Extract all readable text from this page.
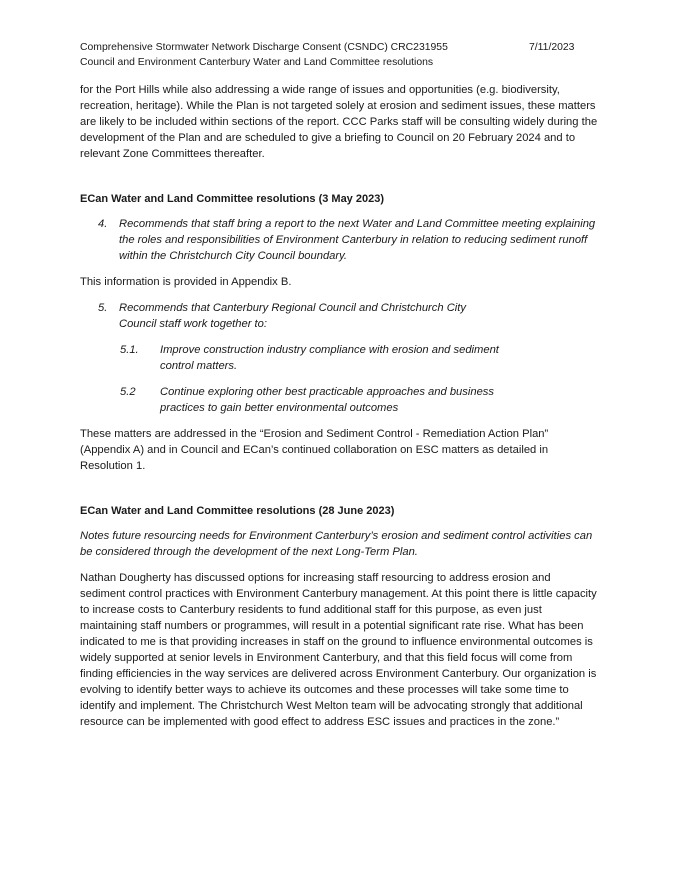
Comprehensive Stormwater Network Discharge Consent (CSNDC) CRC231955
Council and Environment Canterbury Water and Land Committee resolutions
7/11/2023

for the Port Hills while also addressing a wide range of issues and opportunities (e.g. biodiversity, recreation, heritage). While the Plan is not targeted solely at erosion and sediment issues, these matters are likely to be included within sections of the report. CCC Parks staff will be consulting widely during the development of the Plan and are scheduled to give a briefing to Council on 20 February 2024 and to relevant Zone Committees thereafter.

ECan Water and Land Committee resolutions (3 May 2023)

4.	Recommends that staff bring a report to the next Water and Land Committee meeting explaining the roles and responsibilities of Environment Canterbury in relation to reducing sediment runoff within the Christchurch City Council boundary.

This information is provided in Appendix B.

5.	Recommends that Canterbury Regional Council and Christchurch City Council staff work together to:
5.1.	Improve construction industry compliance with erosion and sediment control matters.
5.2	Continue exploring other best practicable approaches and business practices to gain better environmental outcomes

These matters are addressed in the “Erosion and Sediment Control - Remediation Action Plan” (Appendix A) and in Council and ECan’s continued collaboration on ESC matters as detailed in Resolution 1.

ECan Water and Land Committee resolutions (28 June 2023)

Notes future resourcing needs for Environment Canterbury’s erosion and sediment control activities can be considered through the development of the next Long-Term Plan.

Nathan Dougherty has discussed options for increasing staff resourcing to address erosion and sediment control practices with Environment Canterbury management. At this point there is little capacity to increase costs to Canterbury residents to fund additional staff for this purpose, as even just maintaining staff numbers or programmes, will result in a potential significant rate rise. What has been indicated to me is that providing increases in staff on the ground to influence environmental outcomes is widely supported at senior levels in Environment Canterbury, and that this field focus will come from finding efficiencies in the way services are delivered across Environment Canterbury. Our organization is evolving to identify better ways to achieve its outcomes and these processes will take some time to identify and implement. The Christchurch West Melton team will be advocating strongly that additional resource can be implemented with good effect to address ESC issues and practices in the zone.”
